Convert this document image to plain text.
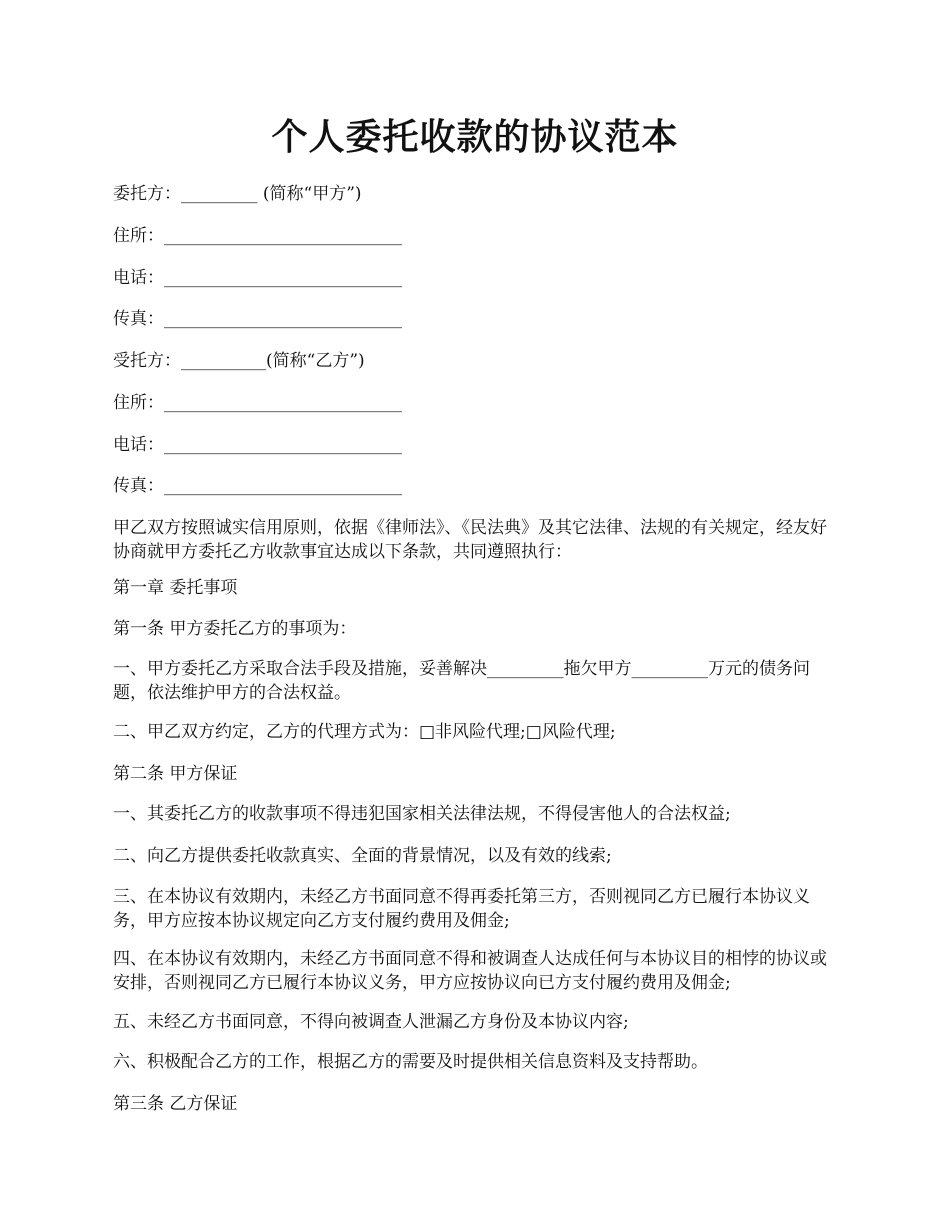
个人委托收款的协议范本
委托方：_________ (简称“甲方”)
住所：____________________________
电话：____________________________
传真：____________________________
受托方：__________(简称“乙方”)
住所：____________________________
电话：____________________________
传真：____________________________
甲乙双方按照诚实信用原则，依据《律师法》、《民法典》及其它法律、法规的有关规定，经友好协商就甲方委托乙方收款事宜达成以下条款，共同遵照执行：
第一章 委托事项
第一条 甲方委托乙方的事项为：
一、甲方委托乙方采取合法手段及措施，妥善解决_________拖欠甲方_________万元的债务问题，依法维护甲方的合法权益。
二、甲乙双方约定，乙方的代理方式为：□非风险代理;□风险代理;
第二条 甲方保证
一、其委托乙方的收款事项不得违犯国家相关法律法规，不得侵害他人的合法权益;
二、向乙方提供委托收款真实、全面的背景情况，以及有效的线索;
三、在本协议有效期内，未经乙方书面同意不得再委托第三方，否则视同乙方已履行本协议义务，甲方应按本协议规定向乙方支付履约费用及佣金;
四、在本协议有效期内，未经乙方书面同意不得和被调查人达成任何与本协议目的相悖的协议或安排，否则视同乙方已履行本协议义务，甲方应按协议向已方支付履约费用及佣金;
五、未经乙方书面同意，不得向被调查人泄漏乙方身份及本协议内容;
六、积极配合乙方的工作，根据乙方的需要及时提供相关信息资料及支持帮助。
第三条 乙方保证
